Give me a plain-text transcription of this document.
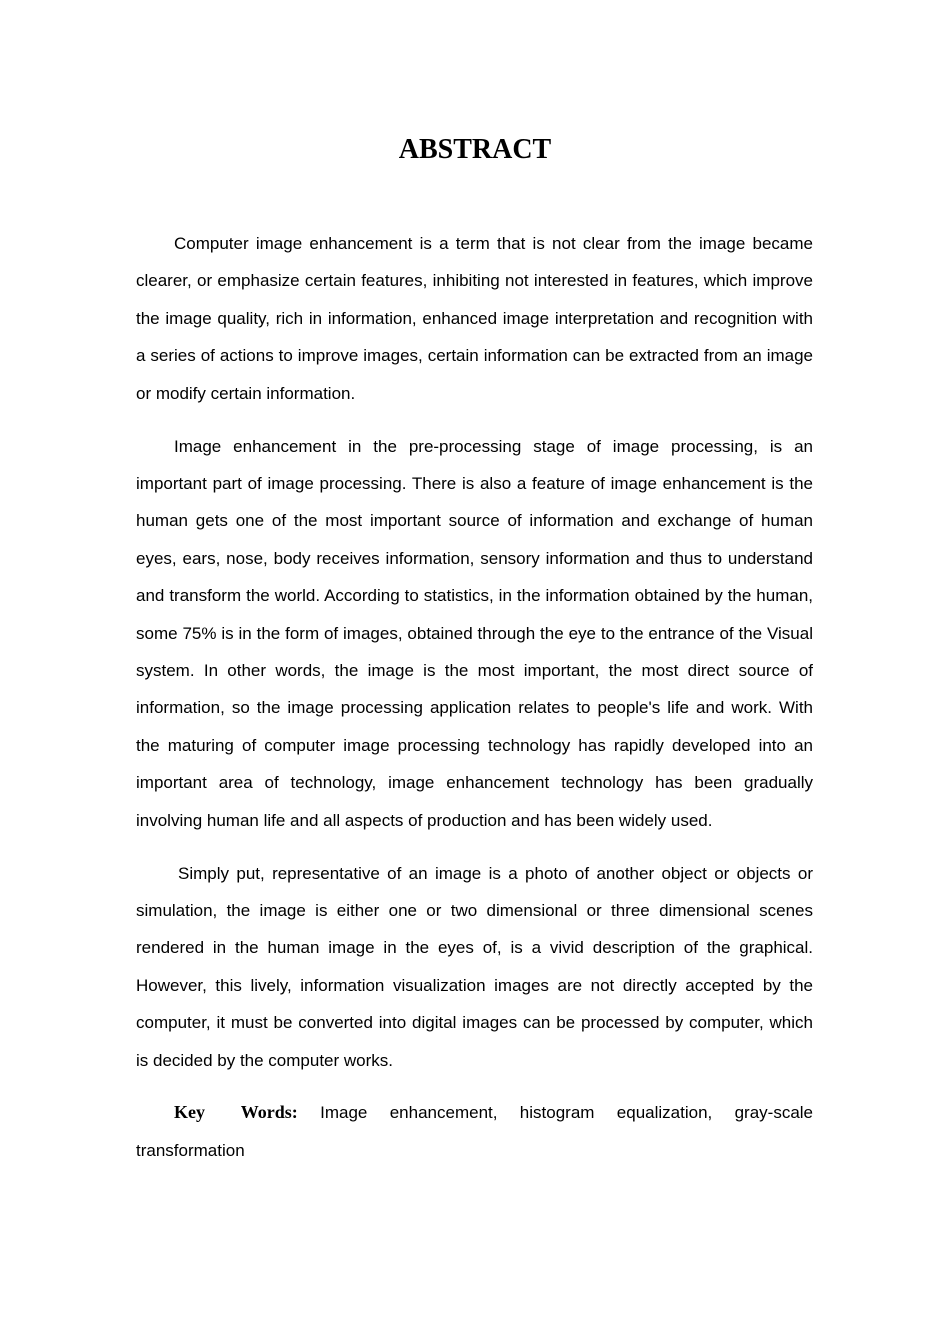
ABSTRACT

Computer image enhancement is a term that is not clear from the image became clearer, or emphasize certain features, inhibiting not interested in features, which improve the image quality, rich in information, enhanced image interpretation and recognition with a series of actions to improve images, certain information can be extracted from an image or modify certain information.

Image enhancement in the pre-processing stage of image processing, is an important part of image processing. There is also a feature of image enhancement is the human gets one of the most important source of information and exchange of human eyes, ears, nose, body receives information, sensory information and thus to understand and transform the world. According to statistics, in the information obtained by the human, some 75% is in the form of images, obtained through the eye to the entrance of the Visual system. In other words, the image is the most important, the most direct source of information, so the image processing application relates to people's life and work. With the maturing of computer image processing technology has rapidly developed into an important area of technology, image enhancement technology has been gradually involving human life and all aspects of production and has been widely used.

Simply put, representative of an image is a photo of another object or objects or simulation, the image is either one or two dimensional or three dimensional scenes rendered in the human image in the eyes of, is a vivid description of the graphical. However, this lively, information visualization images are not directly accepted by the computer, it must be converted into digital images can be processed by computer, which is decided by the computer works.

Key Words: Image enhancement, histogram equalization, gray-scale transformation
